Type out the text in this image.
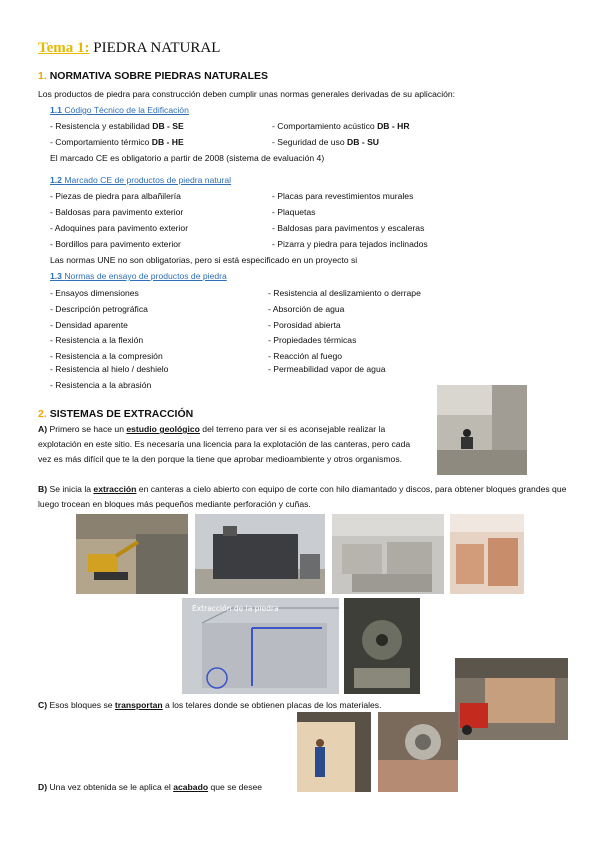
Tema 1: PIEDRA NATURAL
1. NORMATIVA SOBRE PIEDRAS NATURALES
Los productos de piedra para construcción deben cumplir unas normas generales derivadas de su aplicación:
1.1 Código Técnico de la Edificación
- Resistencia y estabilidad DB - SE	- Comportamiento acústico DB - HR
- Comportamiento térmico DB - HE	- Seguridad de uso DB - SU
El marcado CE es obligatorio a partir de 2008 (sistema de evaluación 4)
1.2 Marcado CE de productos de piedra natural
- Piezas de piedra para albañilería	- Placas para revestimientos murales
- Baldosas para pavimento exterior	- Plaquetas
- Adoquines para pavimento exterior	- Baldosas para pavimentos y escaleras
- Bordillos para pavimento exterior	- Pizarra y piedra para tejados inclinados
Las normas UNE no son obligatorias, pero si está especificado en un proyecto si
1.3 Normas de ensayo de productos de piedra
- Ensayos dimensiones	- Resistencia al deslizamiento o derrape
- Descripción petrográfica	- Absorción de agua
- Densidad aparente	- Porosidad abierta
- Resistencia a la flexión	- Propiedades térmicas
- Resistencia a la compresión	- Reacción al fuego
- Resistencia al hielo / deshielo	- Permeabilidad vapor de agua
- Resistencia a la abrasión
2. SISTEMAS DE EXTRACCIÓN
A) Primero se hace un estudio geológico del terreno para ver si es aconsejable realizar la explotación en este sitio. Es necesaria una licencia para la explotación de las canteras, pero cada vez es más difícil que te la den porque la tiene que aprobar medioambiente y otros organismos.
B) Se inicia la extracción en canteras a cielo abierto con equipo de corte con hilo diamantado y discos, para obtener bloques grandes que luego trocean en bloques más pequeños mediante perforación y cuñas.
C) Esos bloques se transportan a los telares donde se obtienen placas de los materiales.
D) Una vez obtenida se le aplica el acabado que se desee
Extracción de la piedra
